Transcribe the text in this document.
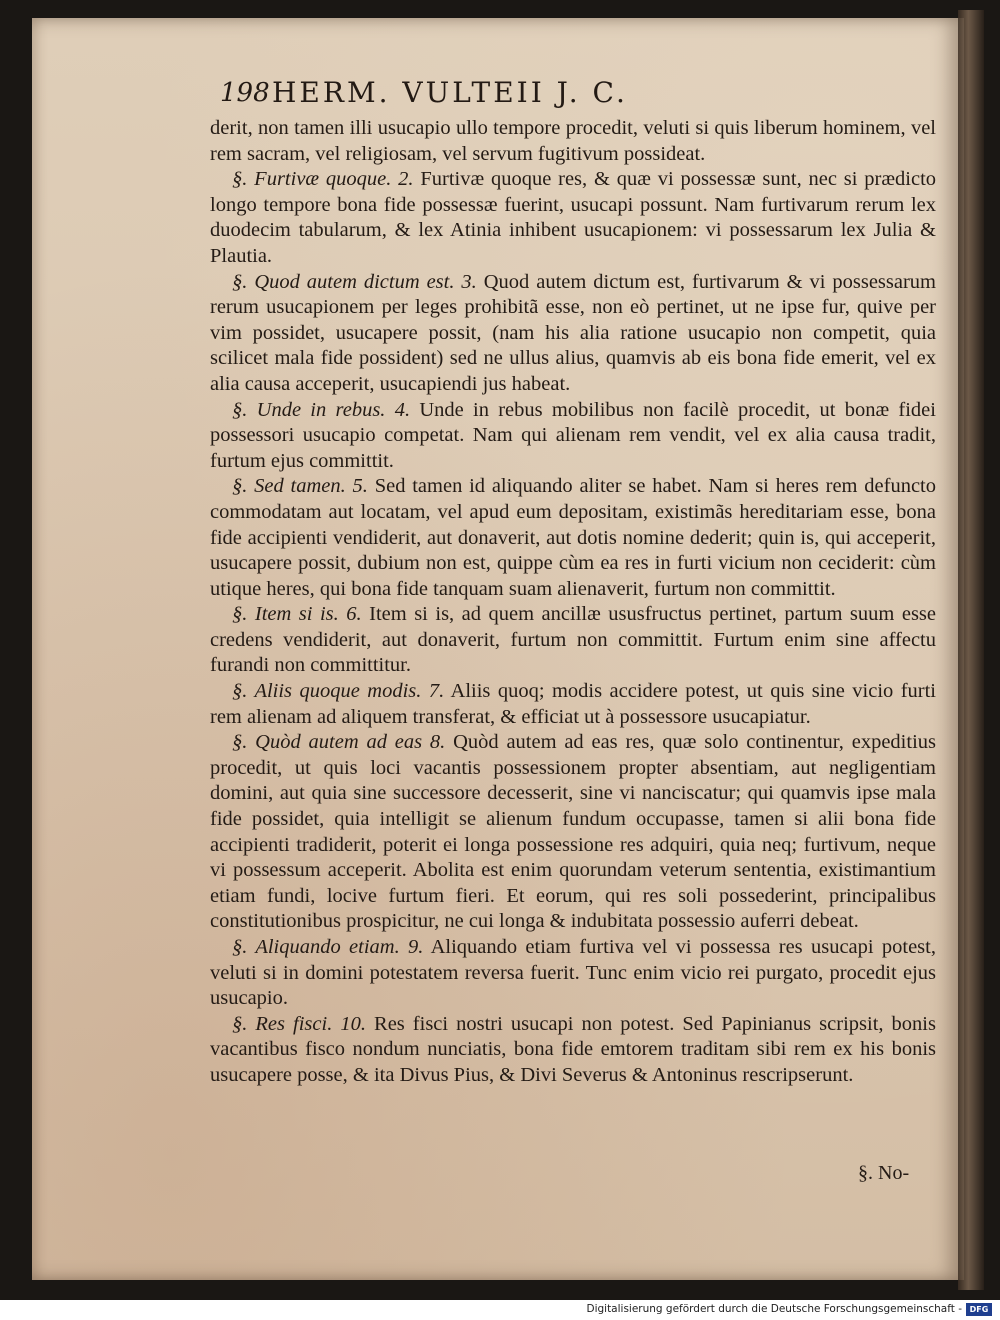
198 HERM. VULTEII J. C.

derit, non tamen illi usucapio ullo tempore procedit, veluti si quis liberum hominem, vel rem sacram, vel religiosam, vel servum fugitivum possideat.

§. Furtivæ quoque. 2. Furtivæ quoque res, & quæ vi possessæ sunt, nec si prædicto longo tempore bona fide possessæ fuerint, usucapi possunt. Nam furtivarum rerum lex duodecim tabularum, & lex Atinia inhibent usucapionem: vi possessarum lex Julia & Plautia.

§. Quod autem dictum est. 3. Quod autem dictum est, furtivarum & vi possessarum rerum usucapionem per leges prohibitã esse, non eò pertinet, ut ne ipse fur, quive per vim possidet, usucapere possit, (nam his alia ratione usucapio non competit, quia scilicet mala fide possident) sed ne ullus alius, quamvis ab eis bona fide emerit, vel ex alia causa acceperit, usucapiendi jus habeat.

§. Unde in rebus. 4. Unde in rebus mobilibus non facilè procedit, ut bonæ fidei possessori usucapio competat. Nam qui alienam rem vendit, vel ex alia causa tradit, furtum ejus committit.

§. Sed tamen. 5. Sed tamen id aliquando aliter se habet. Nam si heres rem defuncto commodatam aut locatam, vel apud eum depositam, existimãs hereditariam esse, bona fide accipienti vendiderit, aut donaverit, aut dotis nomine dederit; quin is, qui acceperit, usucapere possit, dubium non est, quippe cùm ea res in furti vicium non ceciderit: cùm utique heres, qui bona fide tanquam suam alienaverit, furtum non committit.

§. Item si is. 6. Item si is, ad quem ancillæ ususfructus pertinet, partum suum esse credens vendiderit, aut donaverit, furtum non committit. Furtum enim sine affectu furandi non committitur.

§. Aliis quoque modis. 7. Aliis quoq; modis accidere potest, ut quis sine vicio furti rem alienam ad aliquem transferat, & efficiat ut à possessore usucapiatur.

§. Quòd autem ad eas 8. Quòd autem ad eas res, quæ solo continentur, expeditius procedit, ut quis loci vacantis possessionem propter absentiam, aut negligentiam domini, aut quia sine successore decesserit, sine vi nanciscatur; qui quamvis ipse mala fide possidet, quia intelligit se alienum fundum occupasse, tamen si alii bona fide accipienti tradiderit, poterit ei longa possessione res adquiri, quia neq; furtivum, neque vi possessum acceperit. Abolita est enim quorundam veterum sententia, existimantium etiam fundi, locive furtum fieri. Et eorum, qui res soli possederint, principalibus constitutionibus prospicitur, ne cui longa & indubitata possessio auferri debeat.

§. Aliquando etiam. 9. Aliquando etiam furtiva vel vi possessa res usucapi potest, veluti si in domini potestatem reversa fuerit. Tunc enim vicio rei purgato, procedit ejus usucapio.

§. Res fisci. 10. Res fisci nostri usucapi non potest. Sed Papinianus scripsit, bonis vacantibus fisco nondum nunciatis, bona fide emtorem traditam sibi rem ex his bonis usucapere posse, & ita Divus Pius, & Divi Severus & Antoninus rescripserunt.

§. No-
Digitalisierung gefördert durch die Deutsche Forschungsgemeinschaft - DFG
